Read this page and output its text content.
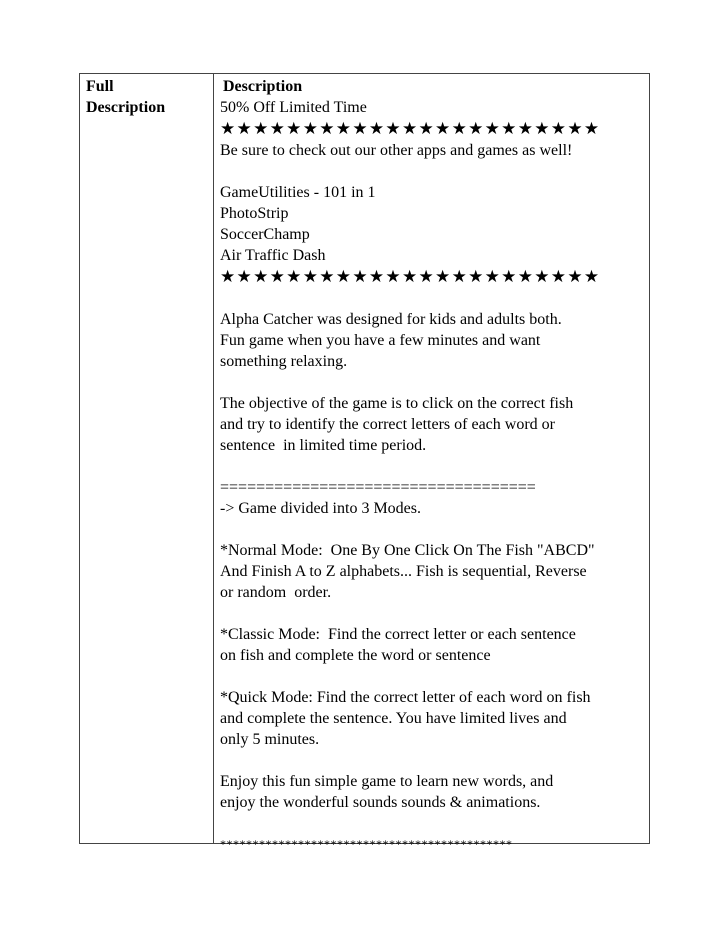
Full
Description

Description

50% Off Limited Time

★★★★★★★★★★★★★★★★★★★★★★★

Be sure to check out our other apps and games as well!

GameUtilities - 101 in 1

PhotoStrip

SoccerChamp

Air Traffic Dash

★★★★★★★★★★★★★★★★★★★★★★★

Alpha Catcher was designed for kids and adults both.

Fun game when you have a few minutes and want

something relaxing.

The objective of the game is to click on the correct fish

and try to identify the correct letters of each word or

sentence  in limited time period.

===================================

-> Game divided into 3 Modes.

*Normal Mode:  One By One Click On The Fish "ABCD"

And Finish A to Z alphabets... Fish is sequential, Reverse

or random  order.

*Classic Mode:  Find the correct letter or each sentence

on fish and complete the word or sentence

*Quick Mode: Find the correct letter of each word on fish

and complete the sentence. You have limited lives and

only 5 minutes.

Enjoy this fun simple game to learn new words, and

enjoy the wonderful sounds sounds & animations.

*********************************************
